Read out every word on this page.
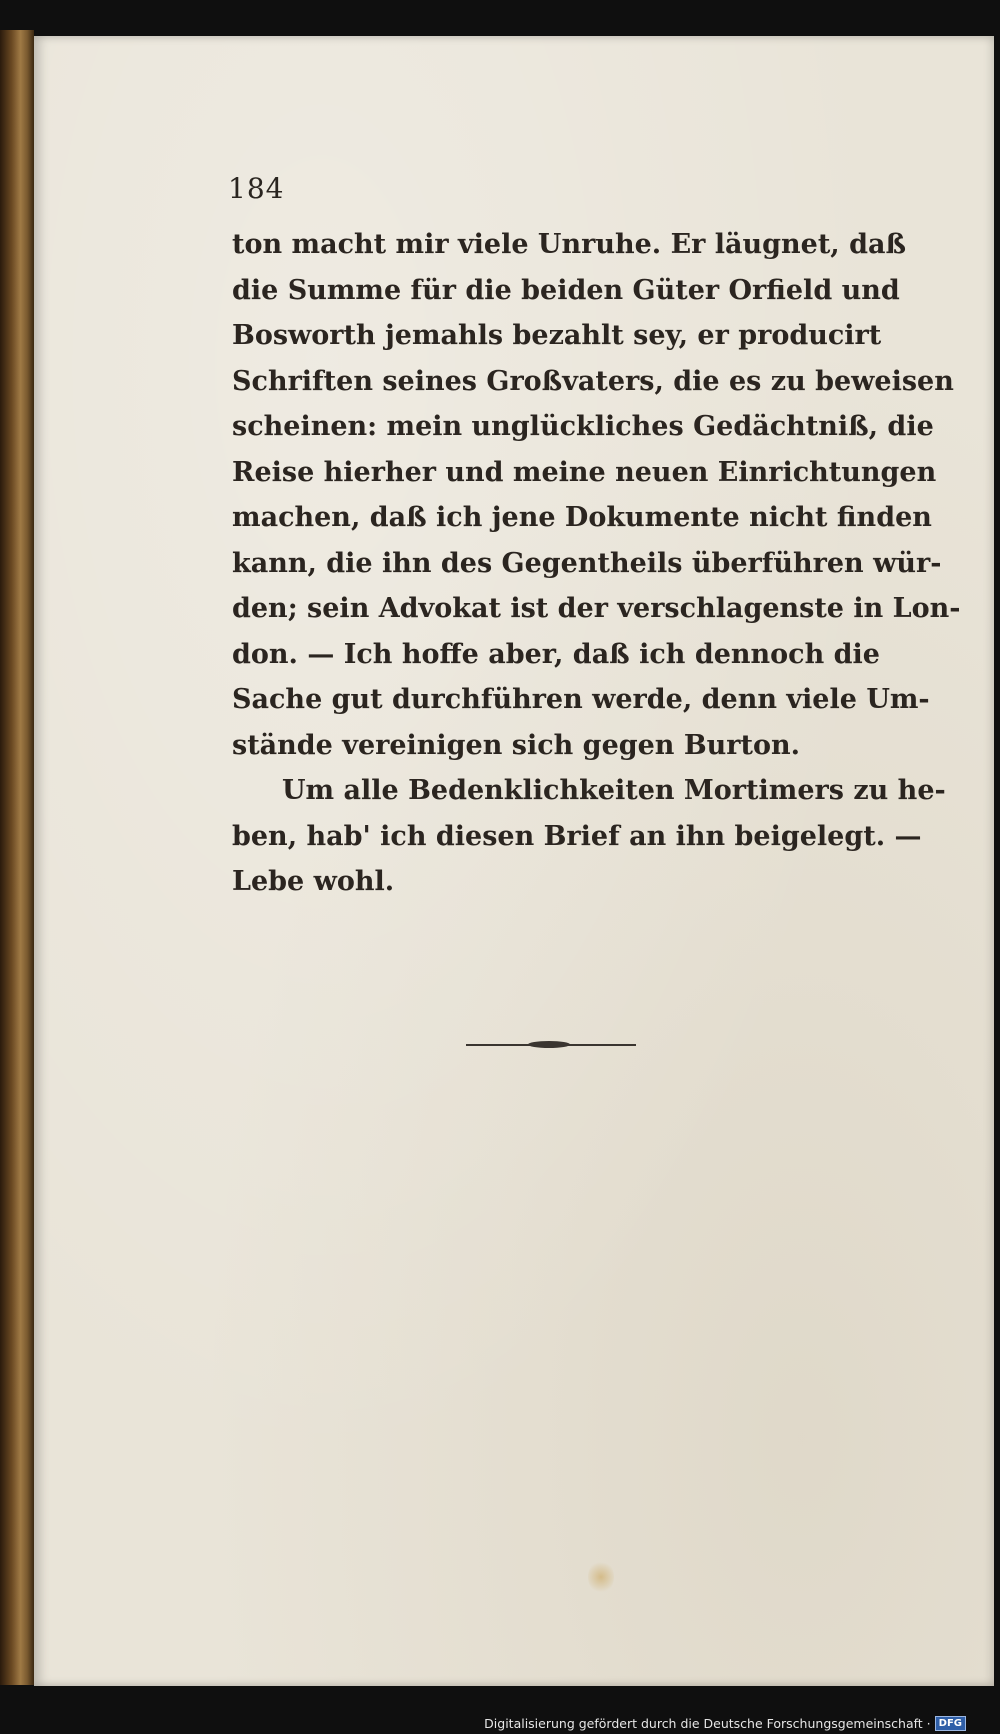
184
ton macht mir viele Unruhe. Er läugnet, daß
die Summe für die beiden Güter Orfield und
Bosworth jemahls bezahlt sey, er producirt
Schriften seines Großvaters, die es zu beweisen
scheinen: mein unglückliches Gedächtniß, die
Reise hierher und meine neuen Einrichtungen
machen, daß ich jene Dokumente nicht finden
kann, die ihn des Gegentheils überführen wür-
den; sein Advokat ist der verschlagenste in Lon-
don. — Ich hoffe aber, daß ich dennoch die
Sache gut durchführen werde, denn viele Um-
stände vereinigen sich gegen Burton.
Um alle Bedenklichkeiten Mortimers zu he-
ben, hab' ich diesen Brief an ihn beigelegt. —
Lebe wohl.
Digitalisierung gefördert durch die Deutsche Forschungsgemeinschaft · DFG
